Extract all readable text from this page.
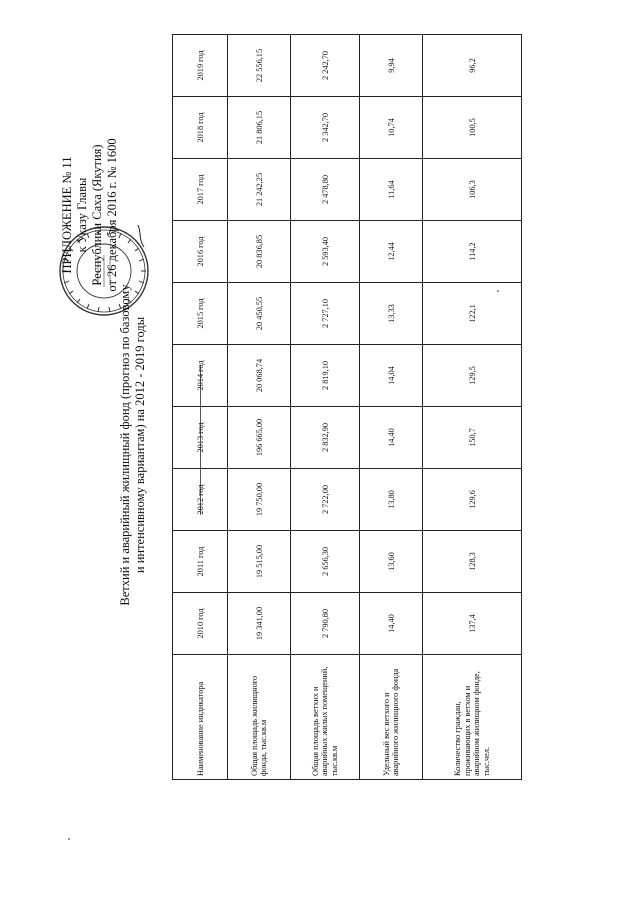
ПРИЛОЖЕНИЕ № 11 к Указу Главы Республики Саха (Якутия) от 26 декабря 2016 г. № 1600
Ветхий и аварийный жилищный фонд (прогноз по базовому и интенсивному вариантам) на 2012 - 2019 годы
Наименование индикатора	2010 год	2011 год	2012 год	2013 год	2014 год	2015 год	2016 год	2017 год	2018 год	2019 год
Общая площадь жилищного фонда, тыс.кв.м	19 341,00	19 515,00	19 750,00	196 665,00	20 068,74	20 450,55	20 836,85	21 242,25	21 806,15	22 556,15
Общая площадь ветхих и аварийных жилых помещений, тыс.кв.м	2 790,80	2 656,30	2 722,00	2 832,90	2 819,10	2 727,10	2 593,40	2 478,80	2 342,70	2 242,70
Удельный вес ветхого и аварийного жилищного фонда	14,40	13,60	13,80	14,40	14,04	13,33	12,44	11,64	10,74	9,94
Количество граждан, проживающих в ветхом и аварийном жилищном фонде, тыс.чел.	137,4	128,3	129,6	150,7	129,5	122,1	114,2	106,3	100,5	96,2
